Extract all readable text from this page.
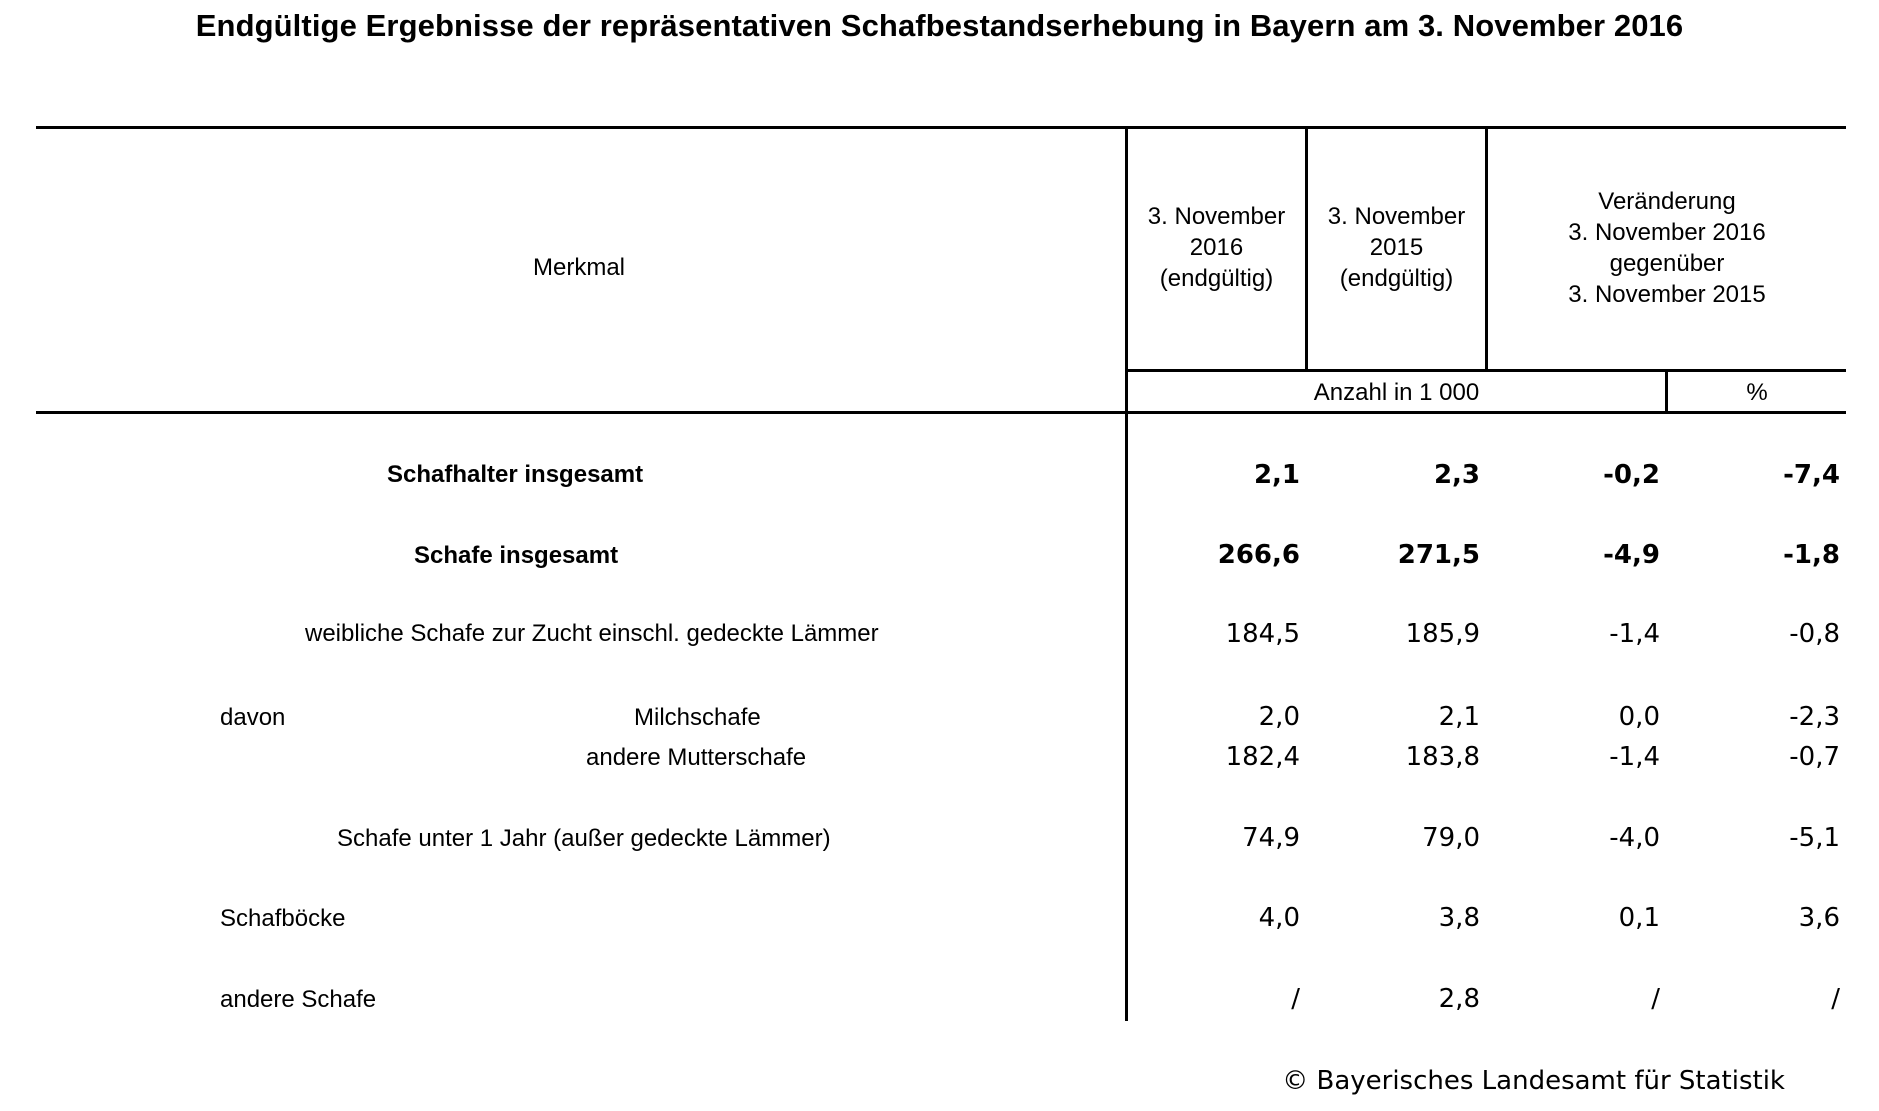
Endgültige Ergebnisse der repräsentativen Schafbestandserhebung in Bayern am 3. November 2016
Merkmal
3. November
2016
(endgültig)
3. November
2015
(endgültig)
Veränderung
3. November 2016
gegenüber
3. November 2015
Anzahl in 1 000	%
Schafhalter insgesamt	2,1	2,3	-0,2	-7,4
Schafe insgesamt	266,6	271,5	-4,9	-1,8
weibliche Schafe zur Zucht einschl. gedeckte Lämmer	184,5	185,9	-1,4	-0,8
davon	Milchschafe	2,0	2,1	0,0	-2,3
andere Mutterschafe	182,4	183,8	-1,4	-0,7
Schafe unter 1 Jahr (außer gedeckte Lämmer)	74,9	79,0	-4,0	-5,1
Schafböcke	4,0	3,8	0,1	3,6
andere Schafe	/	2,8	/	/
© Bayerisches Landesamt für Statistik
